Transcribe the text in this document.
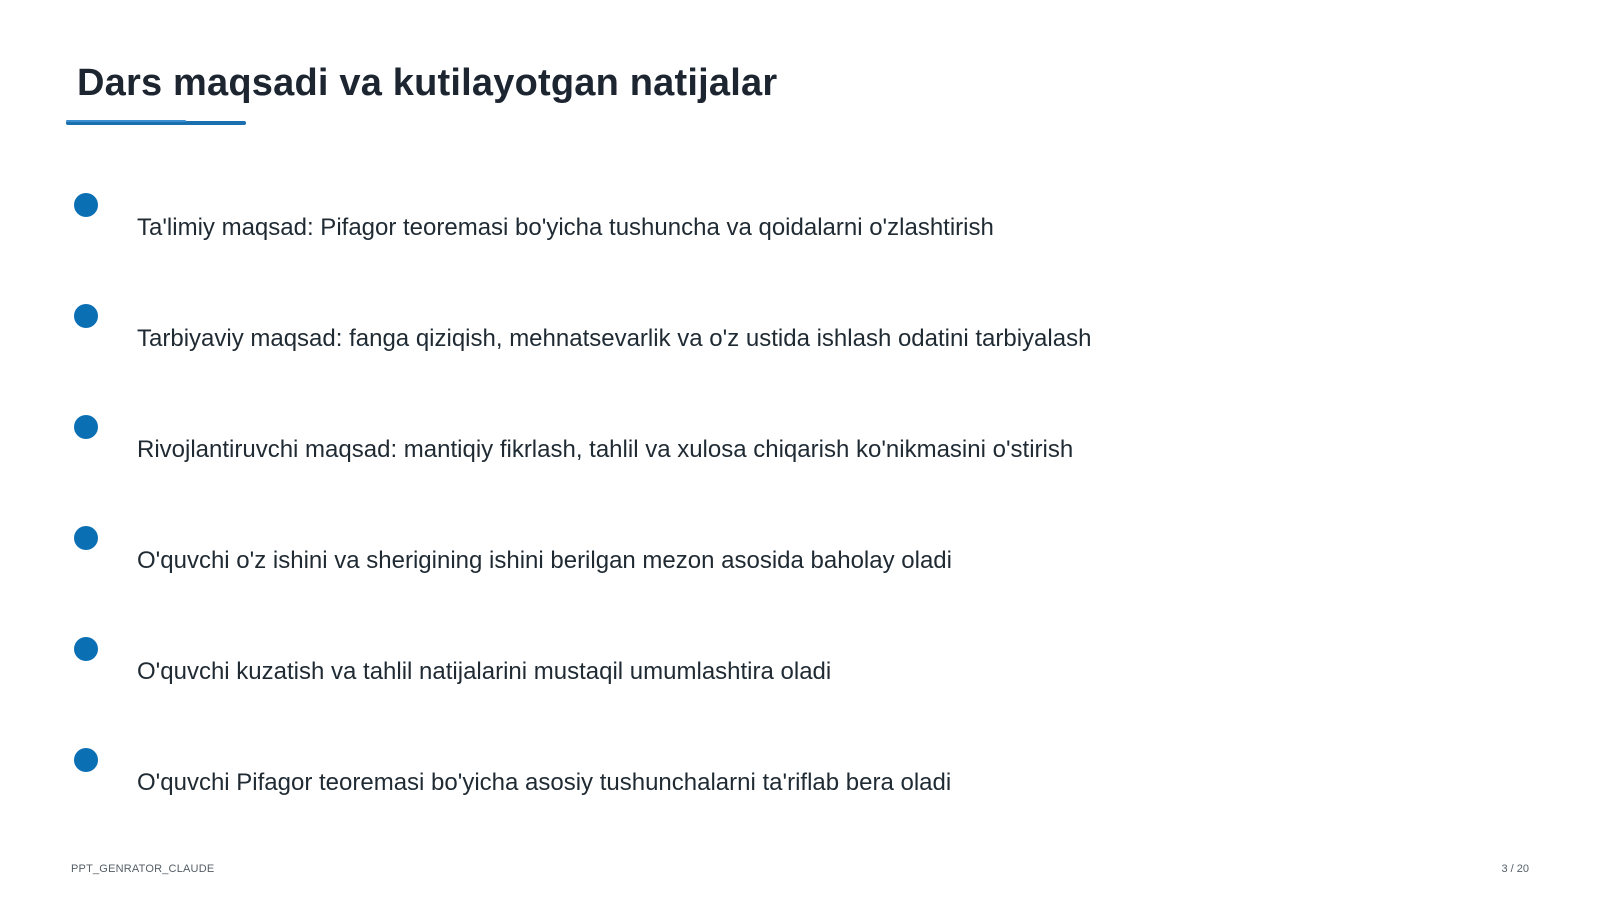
Dars maqsadi va kutilayotgan natijalar
Ta'limiy maqsad: Pifagor teoremasi bo'yicha tushuncha va qoidalarni o'zlashtirish
Tarbiyaviy maqsad: fanga qiziqish, mehnatsevarlik va o'z ustida ishlash odatini tarbiyalash
Rivojlantiruvchi maqsad: mantiqiy fikrlash, tahlil va xulosa chiqarish ko'nikmasini o'stirish
O'quvchi o'z ishini va sherigining ishini berilgan mezon asosida baholay oladi
O'quvchi kuzatish va tahlil natijalarini mustaqil umumlashtira oladi
O'quvchi Pifagor teoremasi bo'yicha asosiy tushunchalarni ta'riflab bera oladi
PPT_GENRATOR_CLAUDE	3 / 20
